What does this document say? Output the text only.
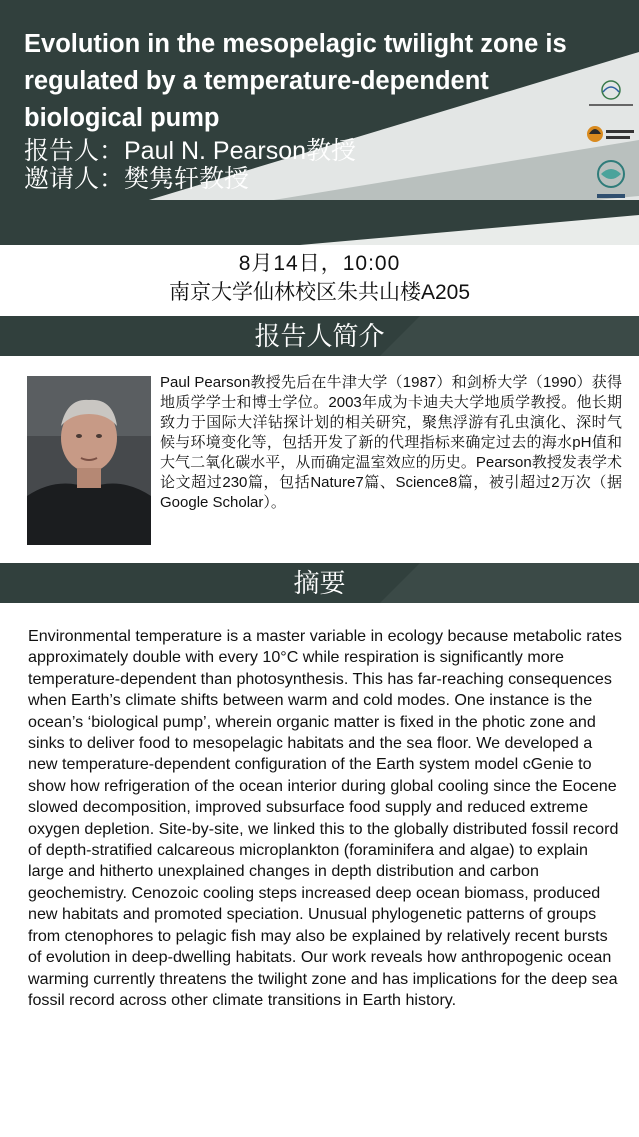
Evolution in the mesopelagic twilight zone is regulated by a temperature-dependent biological pump
报告人：Paul N. Pearson教授
邀请人：樊隽轩教授
8月14日，10:00
南京大学仙林校区朱共山楼A205
报告人简介

Paul Pearson教授先后在牛津大学（1987）和剑桥大学（1990）获得地质学学士和博士学位。2003年成为卡迪夫大学地质学教授。他长期致力于国际大洋钻探计划的相关研究，聚焦浮游有孔虫演化、深时气候与环境变化等，包括开发了新的代理指标来确定过去的海水pH值和大气二氧化碳水平，从而确定温室效应的历史。Pearson教授发表学术论文超过230篇，包括Nature7篇、Science8篇，被引超过2万次（据Google Scholar）。

摘要

Environmental temperature is a master variable in ecology because metabolic rates approximately double with every 10°C while respiration is significantly more temperature-dependent than photosynthesis. This has far-reaching consequences when Earth’s climate shifts between warm and cold modes. One instance is the ocean’s ‘biological pump’, wherein organic matter is fixed in the photic zone and sinks to deliver food to mesopelagic habitats and the sea floor. We developed a new temperature-dependent configuration of the Earth system model cGenie to show how refrigeration of the ocean interior during global cooling since the Eocene slowed decomposition, improved subsurface food supply and reduced extreme oxygen depletion. Site-by-site, we linked this to the globally distributed fossil record of depth-stratified calcareous microplankton (foraminifera and algae) to explain large and hitherto unexplained changes in depth distribution and carbon geochemistry. Cenozoic cooling steps increased deep ocean biomass, produced new habitats and promoted speciation. Unusual phylogenetic patterns of groups from ctenophores to pelagic fish may also be explained by relatively recent bursts of evolution in deep-dwelling habitats. Our work reveals how anthropogenic ocean warming currently threatens the twilight zone and has implications for the deep sea fossil record across other climate transitions in Earth history.
